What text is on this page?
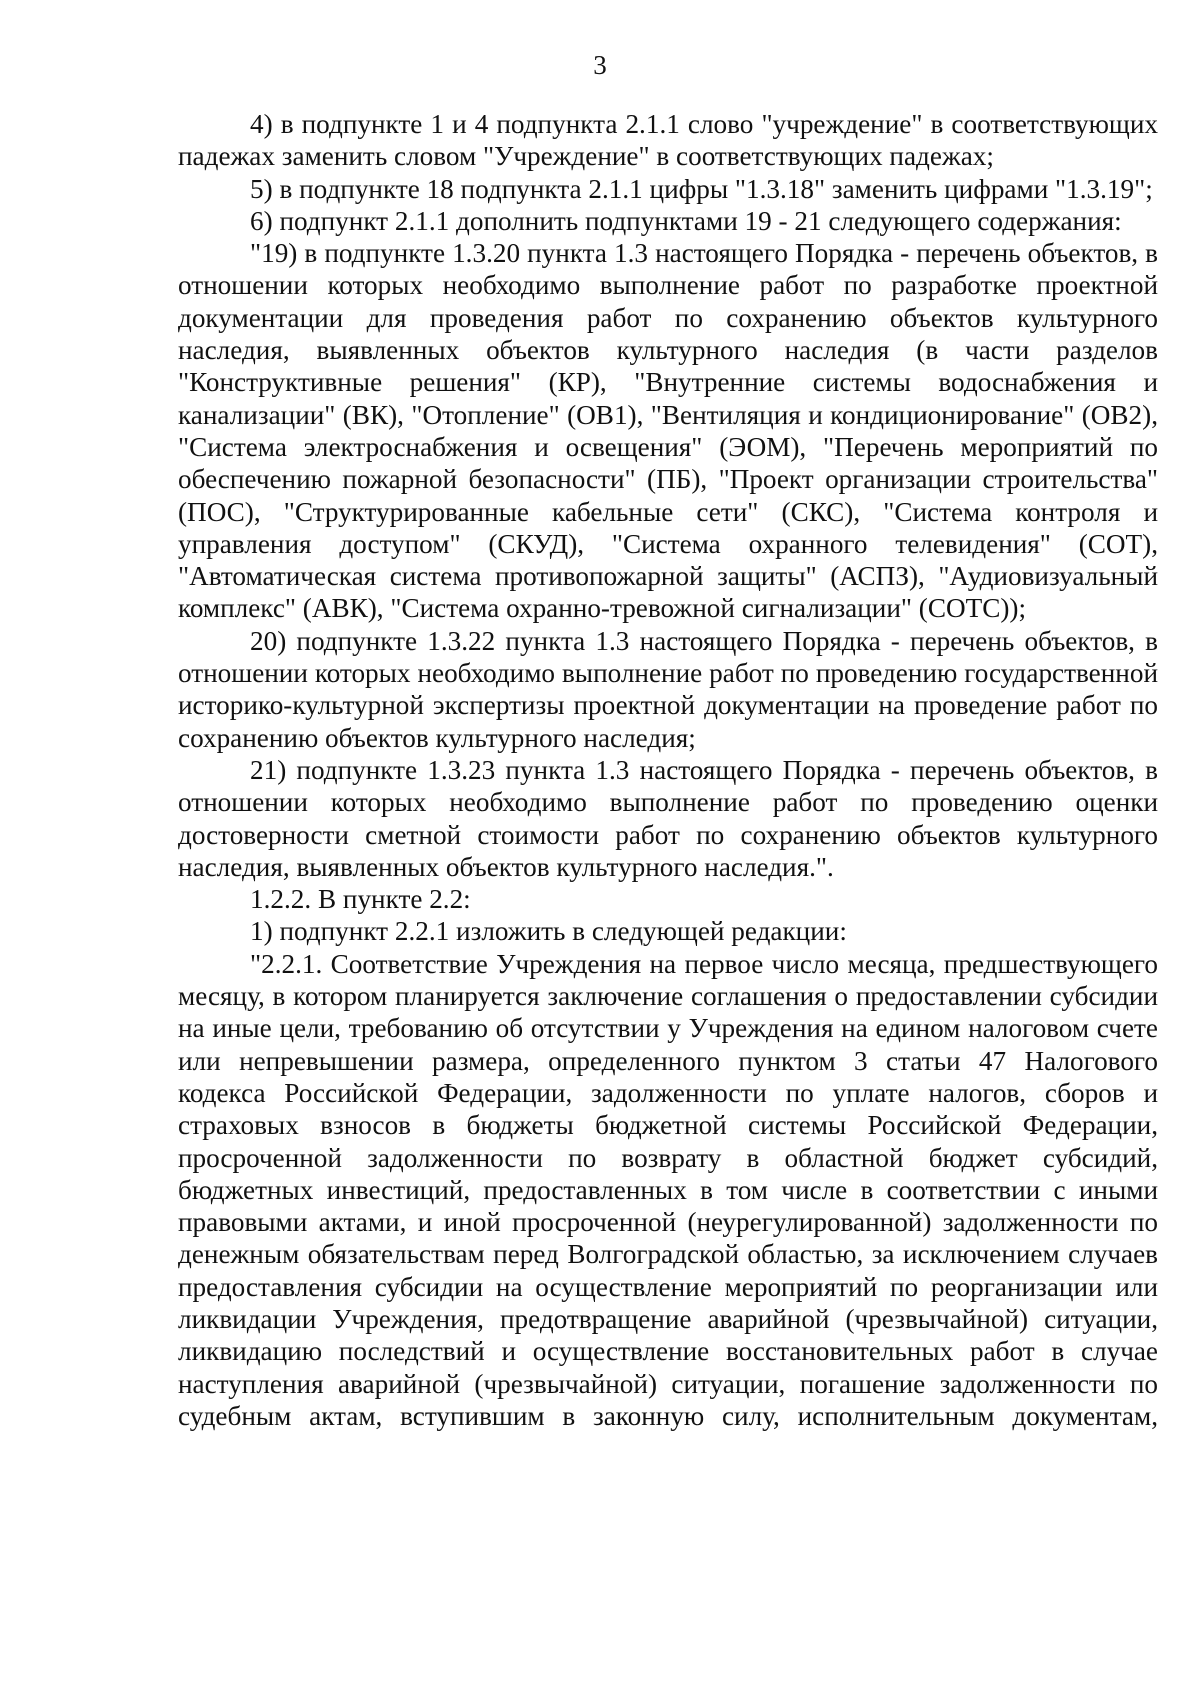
3

4) в подпункте 1 и 4 подпункта 2.1.1 слово "учреждение" в соответствующих падежах заменить словом "Учреждение" в соответствующих падежах;

5) в подпункте 18 подпункта 2.1.1 цифры "1.3.18" заменить цифрами "1.3.19";

6) подпункт 2.1.1 дополнить подпунктами 19 - 21 следующего содержания:

"19) в подпункте 1.3.20 пункта 1.3 настоящего Порядка - перечень объектов, в отношении которых необходимо выполнение работ по разработке проектной документации для проведения работ по сохранению объектов культурного наследия, выявленных объектов культурного наследия (в части разделов "Конструктивные решения" (КР), "Внутренние системы водоснабжения и канализации" (ВК), "Отопление" (ОВ1), "Вентиляция и кондиционирование" (ОВ2), "Система электроснабжения и освещения" (ЭОМ), "Перечень мероприятий по обеспечению пожарной безопасности" (ПБ), "Проект организации строительства" (ПОС), "Структурированные кабельные сети" (СКС), "Система контроля и управления доступом" (СКУД), "Система охранного телевидения" (СОТ), "Автоматическая система противопожарной защиты" (АСПЗ), "Аудиовизуальный комплекс" (АВК), "Система охранно-тревожной сигнализации" (СОТС));

20) подпункте 1.3.22 пункта 1.3 настоящего Порядка - перечень объектов, в отношении которых необходимо выполнение работ по проведению государственной историко-культурной экспертизы проектной документации на проведение работ по сохранению объектов культурного наследия;

21) подпункте 1.3.23 пункта 1.3 настоящего Порядка - перечень объектов, в отношении которых необходимо выполнение работ по проведению оценки достоверности сметной стоимости работ по сохранению объектов культурного наследия, выявленных объектов культурного наследия.".

1.2.2. В пункте 2.2:

1) подпункт 2.2.1 изложить в следующей редакции:

"2.2.1. Соответствие Учреждения на первое число месяца, предшествующего месяцу, в котором планируется заключение соглашения о предоставлении субсидии на иные цели, требованию об отсутствии у Учреждения на едином налоговом счете или непревышении размера, определенного пунктом 3 статьи 47 Налогового кодекса Российской Федерации, задолженности по уплате налогов, сборов и страховых взносов в бюджеты бюджетной системы Российской Федерации, просроченной задолженности по возврату в областной бюджет субсидий, бюджетных инвестиций, предоставленных в том числе в соответствии с иными правовыми актами, и иной просроченной (неурегулированной) задолженности по денежным обязательствам перед Волгоградской областью, за исключением случаев предоставления субсидии на осуществление мероприятий по реорганизации или ликвидации Учреждения, предотвращение аварийной (чрезвычайной) ситуации, ликвидацию последствий и осуществление восстановительных работ в случае наступления аварийной (чрезвычайной) ситуации, погашение задолженности по судебным актам, вступившим в законную силу, исполнительным документам,
